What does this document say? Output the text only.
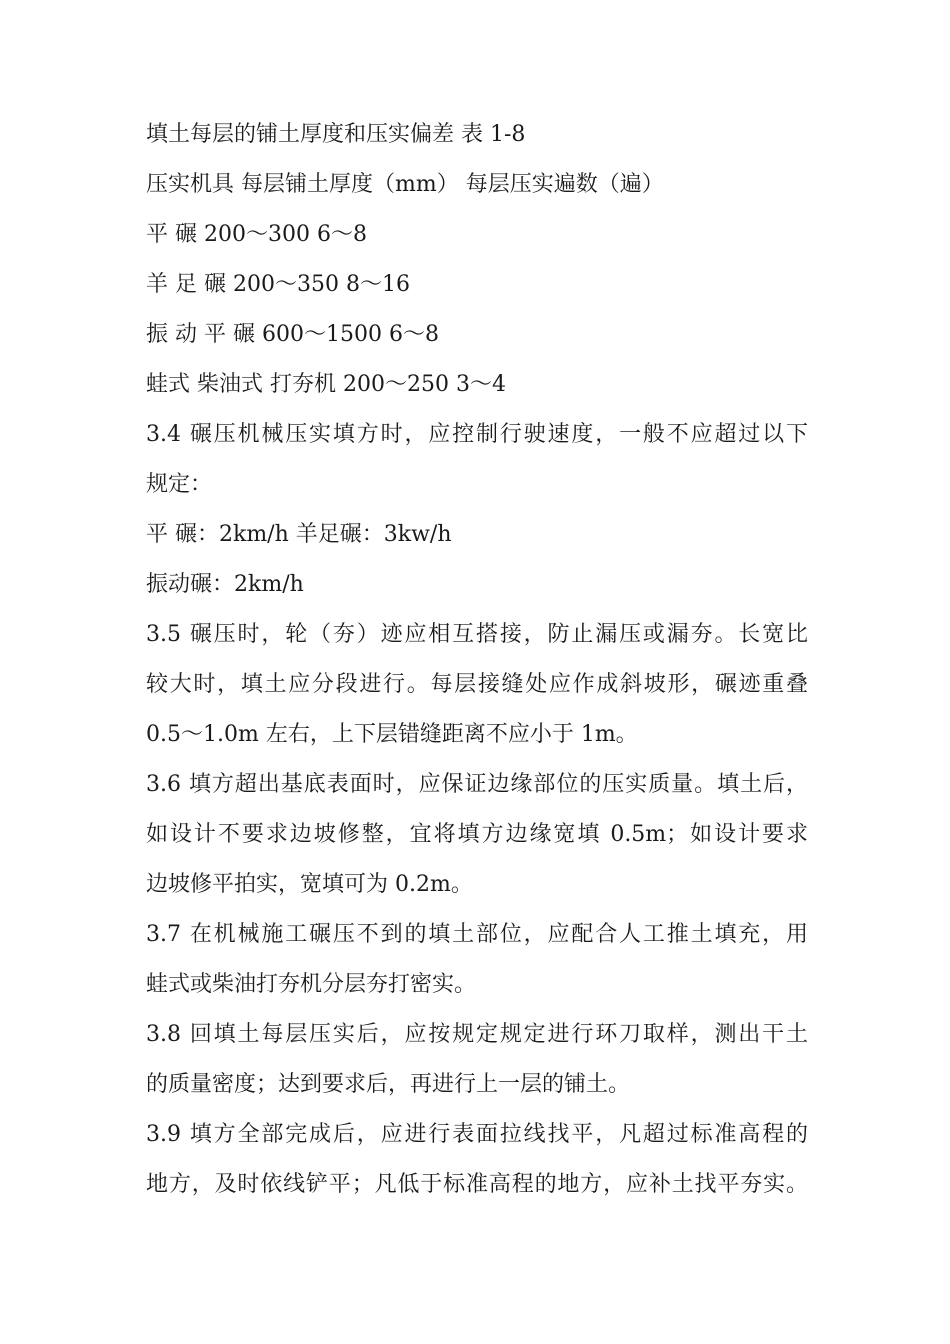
填土每层的铺土厚度和压实偏差 表 1-8
压实机具 每层铺土厚度（mm） 每层压实遍数（遍）
平 碾 200～300 6～8
羊 足 碾 200～350 8～16
振 动 平 碾 600～1500 6～8
蛙式 柴油式 打夯机 200～250 3～4
3.4 碾压机械压实填方时，应控制行驶速度，一般不应超过以下
规定：
平 碾：2km/h 羊足碾：3kw/h
振动碾：2km/h
3.5 碾压时，轮（夯）迹应相互搭接，防止漏压或漏夯。长宽比
较大时，填土应分段进行。每层接缝处应作成斜坡形，碾迹重叠
0.5～1.0m 左右，上下层错缝距离不应小于 1m。
3.6 填方超出基底表面时，应保证边缘部位的压实质量。填土后，
如设计不要求边坡修整，宜将填方边缘宽填 0.5m；如设计要求
边坡修平拍实，宽填可为 0.2m。
3.7 在机械施工碾压不到的填土部位，应配合人工推土填充，用
蛙式或柴油打夯机分层夯打密实。
3.8 回填土每层压实后，应按规定规定进行环刀取样，测出干土
的质量密度；达到要求后，再进行上一层的铺土。
3.9 填方全部完成后，应进行表面拉线找平，凡超过标准高程的
地方，及时依线铲平；凡低于标准高程的地方，应补土找平夯实。
